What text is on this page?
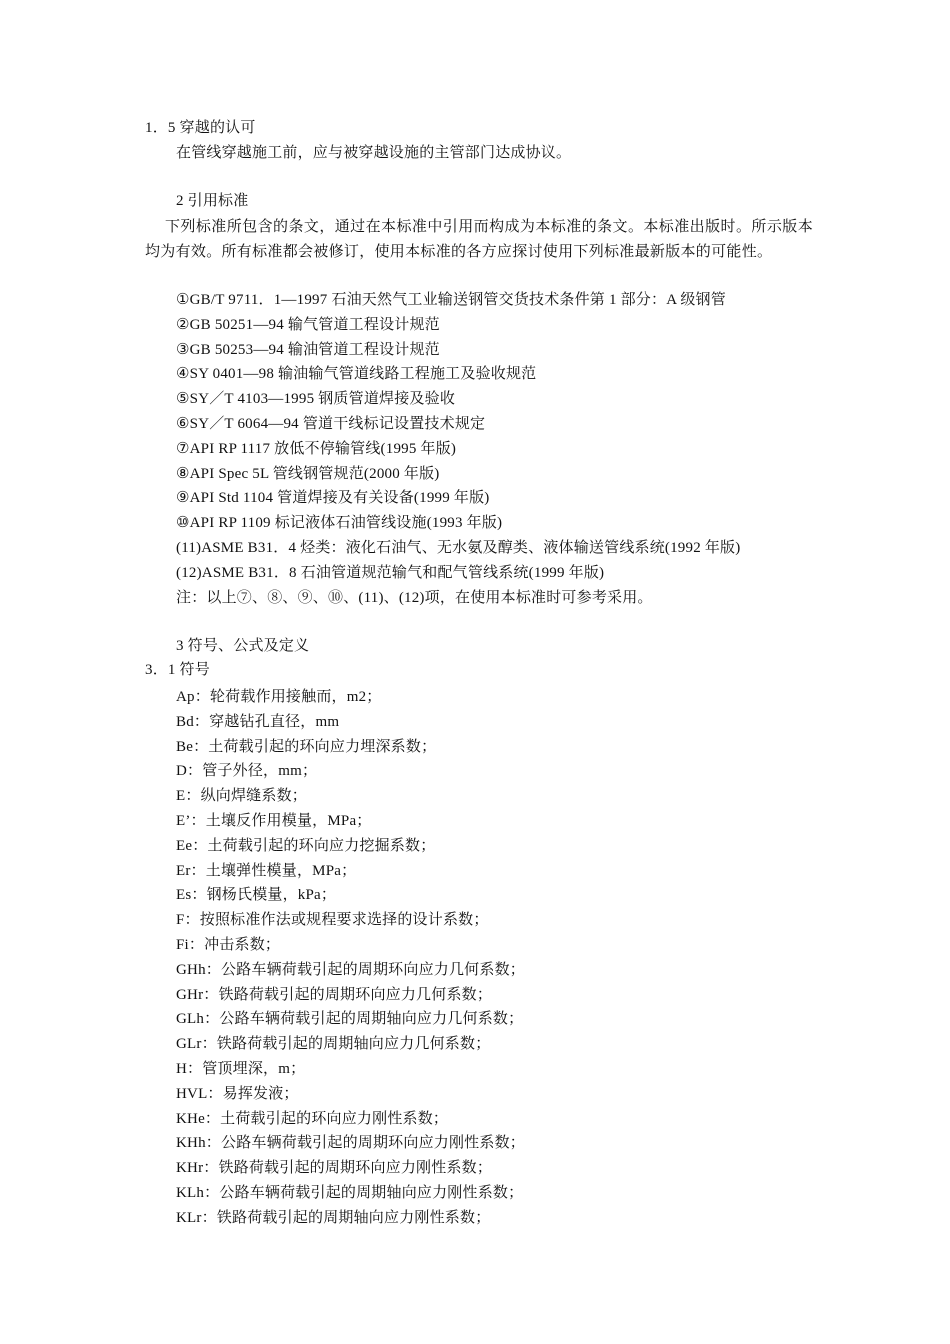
1．5 穿越的认可
在管线穿越施工前，应与被穿越设施的主管部门达成协议。
2 引用标准
下列标准所包含的条文，通过在本标准中引用而构成为本标准的条文。本标准出版时。所示版本均为有效。所有标准都会被修订，使用本标准的各方应探讨使用下列标准最新版本的可能性。
①GB/T 9711．1—1997 石油天然气工业输送钢管交货技术条件第 1 部分：A 级钢管
②GB 50251—94 输气管道工程设计规范
③GB 50253—94 输油管道工程设计规范
④SY 0401—98 输油输气管道线路工程施工及验收规范
⑤SY／T 4103—1995 钢质管道焊接及验收
⑥SY／T 6064—94 管道干线标记设置技术规定
⑦API RP 1117 放低不停输管线(1995 年版)
⑧API Spec 5L 管线钢管规范(2000 年版)
⑨API Std 1104 管道焊接及有关设备(1999 年版)
⑩API RP 1109 标记液体石油管线设施(1993 年版)
(11)ASME B31．4 烃类：液化石油气、无水氨及醇类、液体输送管线系统(1992 年版)
(12)ASME B31．8 石油管道规范输气和配气管线系统(1999 年版)
注：以上⑦、⑧、⑨、⑩、(11)、(12)项，在使用本标准时可参考采用。
3 符号、公式及定义
3．1 符号
Ap：轮荷载作用接触而，m2；
Bd：穿越钻孔直径，mm
Be：土荷载引起的环向应力埋深系数；
D：管子外径，mm；
E：纵向焊缝系数；
E’：土壤反作用模量，MPa；
Ee：土荷载引起的环向应力挖掘系数；
Er：土壤弹性模量，MPa；
Es：钢杨氏模量，kPa；
F：按照标准作法或规程要求选择的设计系数；
Fi：冲击系数；
GHh：公路车辆荷载引起的周期环向应力几何系数；
GHr：铁路荷载引起的周期环向应力几何系数；
GLh：公路车辆荷载引起的周期轴向应力几何系数；
GLr：铁路荷载引起的周期轴向应力几何系数；
H：管顶埋深，m；
HVL：易挥发液；
KHe：土荷载引起的环向应力刚性系数；
KHh：公路车辆荷载引起的周期环向应力刚性系数；
KHr：铁路荷载引起的周期环向应力刚性系数；
KLh：公路车辆荷载引起的周期轴向应力刚性系数；
KLr：铁路荷载引起的周期轴向应力刚性系数；
